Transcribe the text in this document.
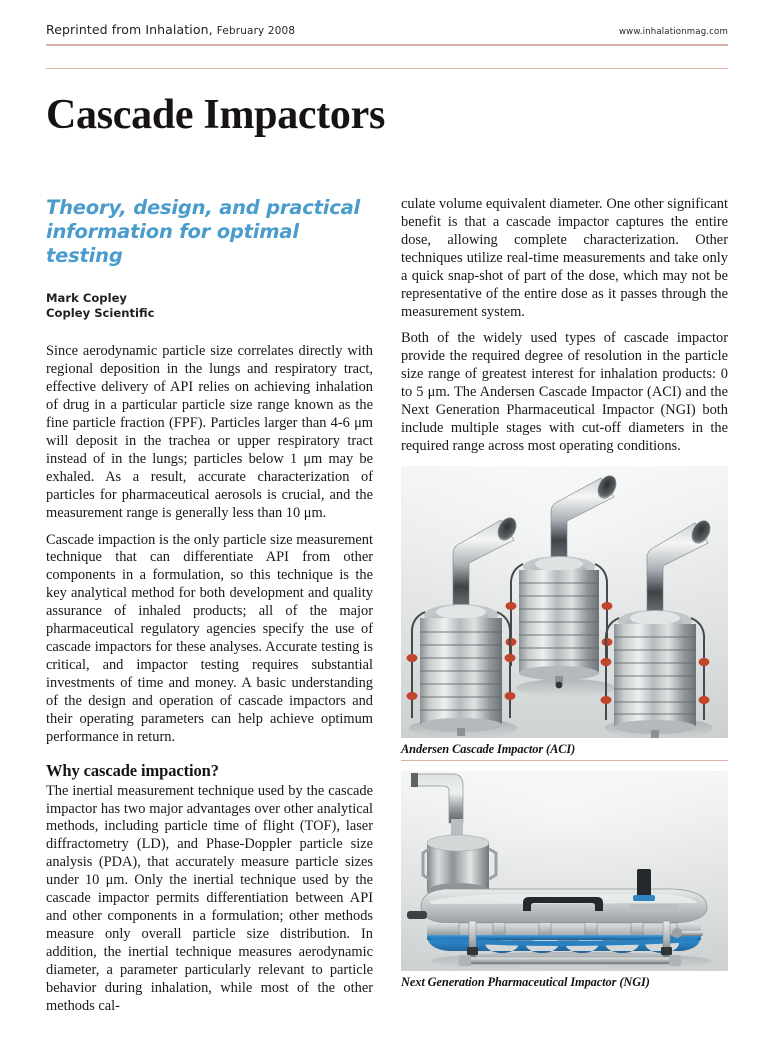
Reprinted from Inhalation, February 2008	www.inhalationmag.com
Cascade Impactors
Theory, design, and practical information for optimal testing
Mark Copley
Copley Scientific

Since aerodynamic particle size correlates directly with regional deposition in the lungs and respiratory tract, effective delivery of API relies on achieving inhalation of drug in a particular particle size range known as the fine particle fraction (FPF). Particles larger than 4-6 μm will deposit in the trachea or upper respiratory tract instead of in the lungs; particles below 1 μm may be exhaled. As a result, accurate characterization of particles for pharmaceutical aerosols is crucial, and the measurement range is generally less than 10 μm.

Cascade impaction is the only particle size measurement technique that can differentiate API from other components in a formulation, so this technique is the key analytical method for both development and quality assurance of inhaled products; all of the major pharmaceutical regulatory agencies specify the use of cascade impactors for these analyses. Accurate testing is critical, and impactor testing requires substantial investments of time and money. A basic understanding of the design and operation of cascade impactors and their operating parameters can help achieve optimum performance in return.

Why cascade impaction?

The inertial measurement technique used by the cascade impactor has two major advantages over other analytical methods, including particle time of flight (TOF), laser diffractometry (LD), and Phase-Doppler particle size analysis (PDA), that accurately measure particle sizes under 10 μm. Only the inertial technique used by the cascade impactor permits differentiation between API and other components in a formulation; other methods measure only overall particle size distribution. In addition, the inertial technique measures aerodynamic diameter, a parameter particularly relevant to particle behavior during inhalation, while most of the other methods cal-

culate volume equivalent diameter. One other significant benefit is that a cascade impactor captures the entire dose, allowing complete characterization. Other techniques utilize real-time measurements and take only a quick snap-shot of part of the dose, which may not be representative of the entire dose as it passes through the measurement system.

Both of the widely used types of cascade impactor provide the required degree of resolution in the particle size range of greatest interest for inhalation products: 0 to 5 μm. The Andersen Cascade Impactor (ACI) and the Next Generation Pharmaceutical Impactor (NGI) both include multiple stages with cut-off diameters in the required range across most operating conditions.

Andersen Cascade Impactor (ACI)
Next Generation Pharmaceutical Impactor (NGI)
